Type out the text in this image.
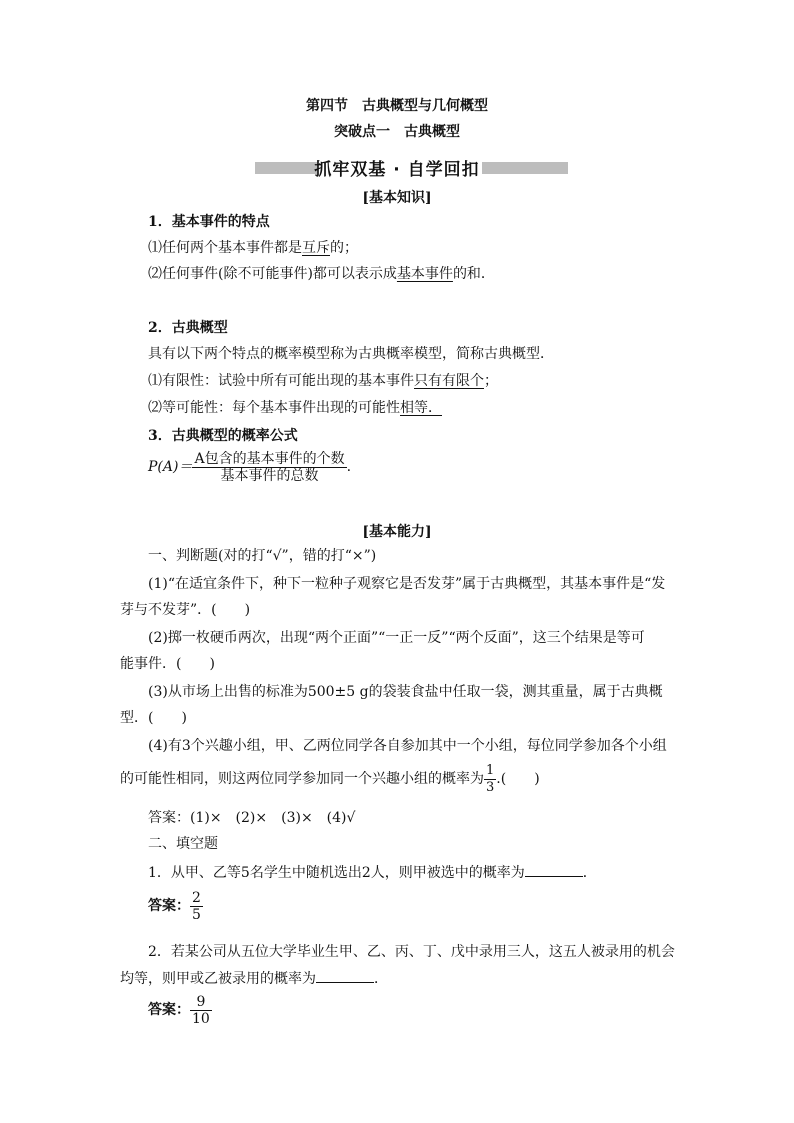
第四节　古典概型与几何概型
突破点一　古典概型
抓牢双基 · 自学回扣
[基本知识]
1．基本事件的特点
⑴任何两个基本事件都是互斥的；
⑵任何事件(除不可能事件)都可以表示成基本事件的和．
2．古典概型
具有以下两个特点的概率模型称为古典概率模型，简称古典概型．
⑴有限性：试验中所有可能出现的基本事件只有有限个；
⑵等可能性：每个基本事件出现的可能性相等．
3．古典概型的概率公式
$P(A)= \frac{\text{A包含的基本事件的个数}}{\text{基本事件的总数}}$ .
[基本能力]
一、判断题(对的打“√”，错的打“×”)
(1)“在适宜条件下，种下一粒种子观察它是否发芽”属于古典概型，其基本事件是“发
芽与不发芽”．(　　)
(2)掷一枚硬币两次，出现“两个正面”“一正一反”“两个反面”，这三个结果是等可
能事件．(　　)
(3)从市场上出售的标准为500±5 g的袋装食盐中任取一袋，测其重量，属于古典概
型．(　　)
(4)有3个兴趣小组，甲、乙两位同学各自参加其中一个小组，每位同学参加各个小组
的可能性相同，则这两位同学参加同一个兴趣小组的概率为 $\frac{1}{3}$ .(　　)
答案：(1)×　(2)×　(3)×　(4)√
二、填空题
1．从甲、乙等5名学生中随机选出2人，则甲被选中的概率为	．
答案： $\frac{2}{5}$
2．若某公司从五位大学毕业生甲、乙、丙、丁、戊中录用三人，这五人被录用的机会
均等，则甲或乙被录用的概率为	．
答案： $\frac{9}{10}$
